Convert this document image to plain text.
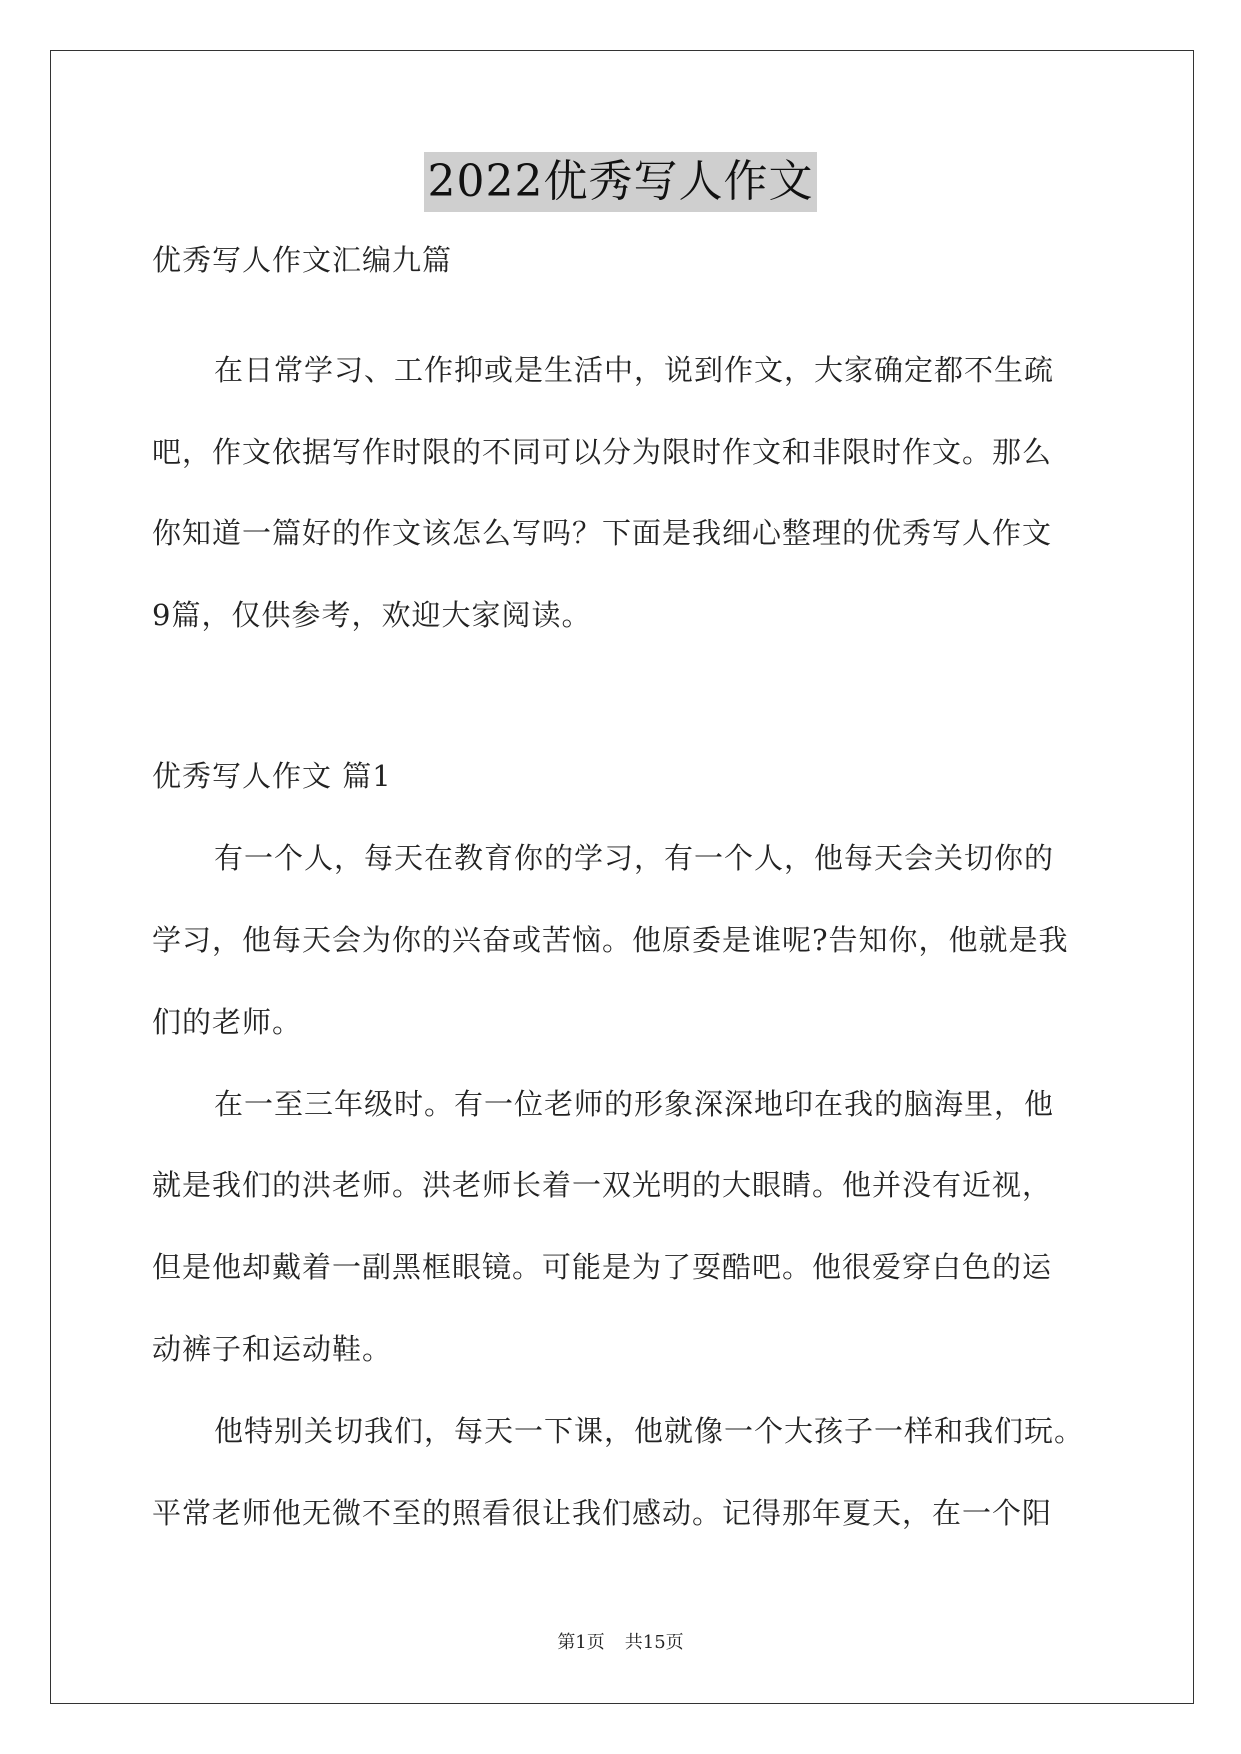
2022优秀写人作文
优秀写人作文汇编九篇
在日常学习、工作抑或是生活中，说到作文，大家确定都不生疏
吧，作文依据写作时限的不同可以分为限时作文和非限时作文。那么
你知道一篇好的作文该怎么写吗？下面是我细心整理的优秀写人作文
9篇，仅供参考，欢迎大家阅读。
优秀写人作文 篇1
有一个人，每天在教育你的学习，有一个人，他每天会关切你的
学习，他每天会为你的兴奋或苦恼。他原委是谁呢?告知你，他就是我
们的老师。
在一至三年级时。有一位老师的形象深深地印在我的脑海里，他
就是我们的洪老师。洪老师长着一双光明的大眼睛。他并没有近视，
但是他却戴着一副黑框眼镜。可能是为了耍酷吧。他很爱穿白色的运
动裤子和运动鞋。
他特别关切我们，每天一下课，他就像一个大孩子一样和我们玩。
平常老师他无微不至的照看很让我们感动。记得那年夏天，在一个阳
第1页 共15页
